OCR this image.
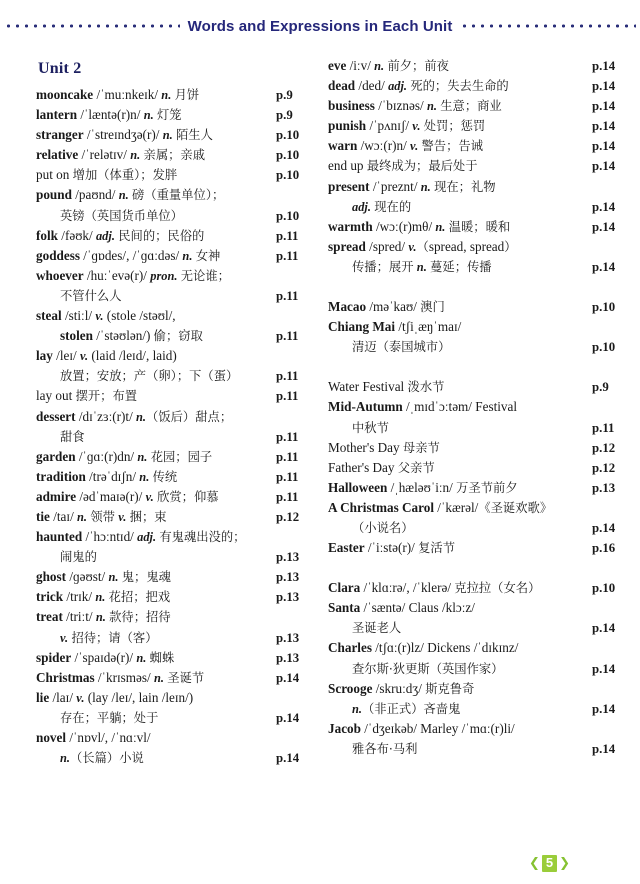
Words and Expressions in Each Unit
Unit 2
mooncake /ˈmuːnkeɪk/ n. 月饼	p.9
lantern /ˈlæntə(r)n/ n. 灯笼	p.9
stranger /ˈstreɪndʒə(r)/ n. 陌生人	p.10
relative /ˈrelətɪv/ n. 亲属；亲戚	p.10
put on 增加（体重）；发胖	p.10
pound /paʊnd/ n. 磅（重量单位）；
英镑（英国货币单位）	p.10
folk /fəʊk/ adj. 民间的；民俗的	p.11
goddess /ˈɡɒdes/, /ˈɡɑːdəs/ n. 女神	p.11
whoever /huːˈevə(r)/ pron. 无论谁；
不管什么人	p.11
steal /stiːl/ v. (stole /stəʊl/,
stolen /ˈstəʊlən/) 偷；窃取	p.11
lay /leɪ/ v. (laid /leɪd/, laid)
放置；安放；产（卵）；下（蛋）	p.11
lay out 摆开；布置	p.11
dessert /dɪˈzɜː(r)t/ n.（饭后）甜点；
甜食	p.11
garden /ˈɡɑː(r)dn/ n. 花园；园子	p.11
tradition /trəˈdɪʃn/ n. 传统	p.11
admire /ədˈmaɪə(r)/ v. 欣赏；仰慕	p.11
tie /taɪ/ n. 领带 v. 捆；束	p.12
haunted /ˈhɔːntɪd/ adj. 有鬼魂出没的；
闹鬼的	p.13
ghost /ɡəʊst/ n. 鬼；鬼魂	p.13
trick /trɪk/ n. 花招；把戏	p.13
treat /triːt/ n. 款待；招待
v. 招待；请（客）	p.13
spider /ˈspaɪdə(r)/ n. 蜘蛛	p.13
Christmas /ˈkrɪsməs/ n. 圣诞节	p.14
lie /laɪ/ v. (lay /leɪ/, lain /leɪn/)
存在；平躺；处于	p.14
novel /ˈnɒvl/, /ˈnɑːvl/
n.（长篇）小说	p.14
eve /iːv/ n. 前夕；前夜	p.14
dead /ded/ adj. 死的；失去生命的	p.14
business /ˈbɪznəs/ n. 生意；商业	p.14
punish /ˈpʌnɪʃ/ v. 处罚；惩罚	p.14
warn /wɔː(r)n/ v. 警告；告诫	p.14
end up 最终成为；最后处于	p.14
present /ˈpreznt/ n. 现在；礼物
adj. 现在的	p.14
warmth /wɔː(r)mθ/ n. 温暖；暖和	p.14
spread /spred/ v.（spread, spread）
传播；展开 n. 蔓延；传播	p.14
Macao /məˈkaʊ/ 澳门	p.10
Chiang Mai /tʃiˌæŋˈmaɪ/
清迈（泰国城市）	p.10
Water Festival 泼水节	p.9
Mid-Autumn /ˌmɪdˈɔːtəm/ Festival
中秋节	p.11
Mother's Day 母亲节	p.12
Father's Day 父亲节	p.12
Halloween /ˌhæləʊˈiːn/ 万圣节前夕	p.13
A Christmas Carol /ˈkærəl/《圣诞欢歌》
（小说名）	p.14
Easter /ˈiːstə(r)/ 复活节	p.16
Clara /ˈklɑːrə/, /ˈklerə/ 克拉拉（女名）	p.10
Santa /ˈsæntə/ Claus /klɔːz/
圣诞老人	p.14
Charles /tʃɑː(r)lz/ Dickens /ˈdɪkɪnz/
查尔斯·狄更斯（英国作家）	p.14
Scrooge /skruːdʒ/ 斯克鲁奇
n.（非正式）吝啬鬼	p.14
Jacob /ˈdʒeɪkəb/ Marley /ˈmɑː(r)li/
雅各布·马利	p.14
❮ 5 ❯
